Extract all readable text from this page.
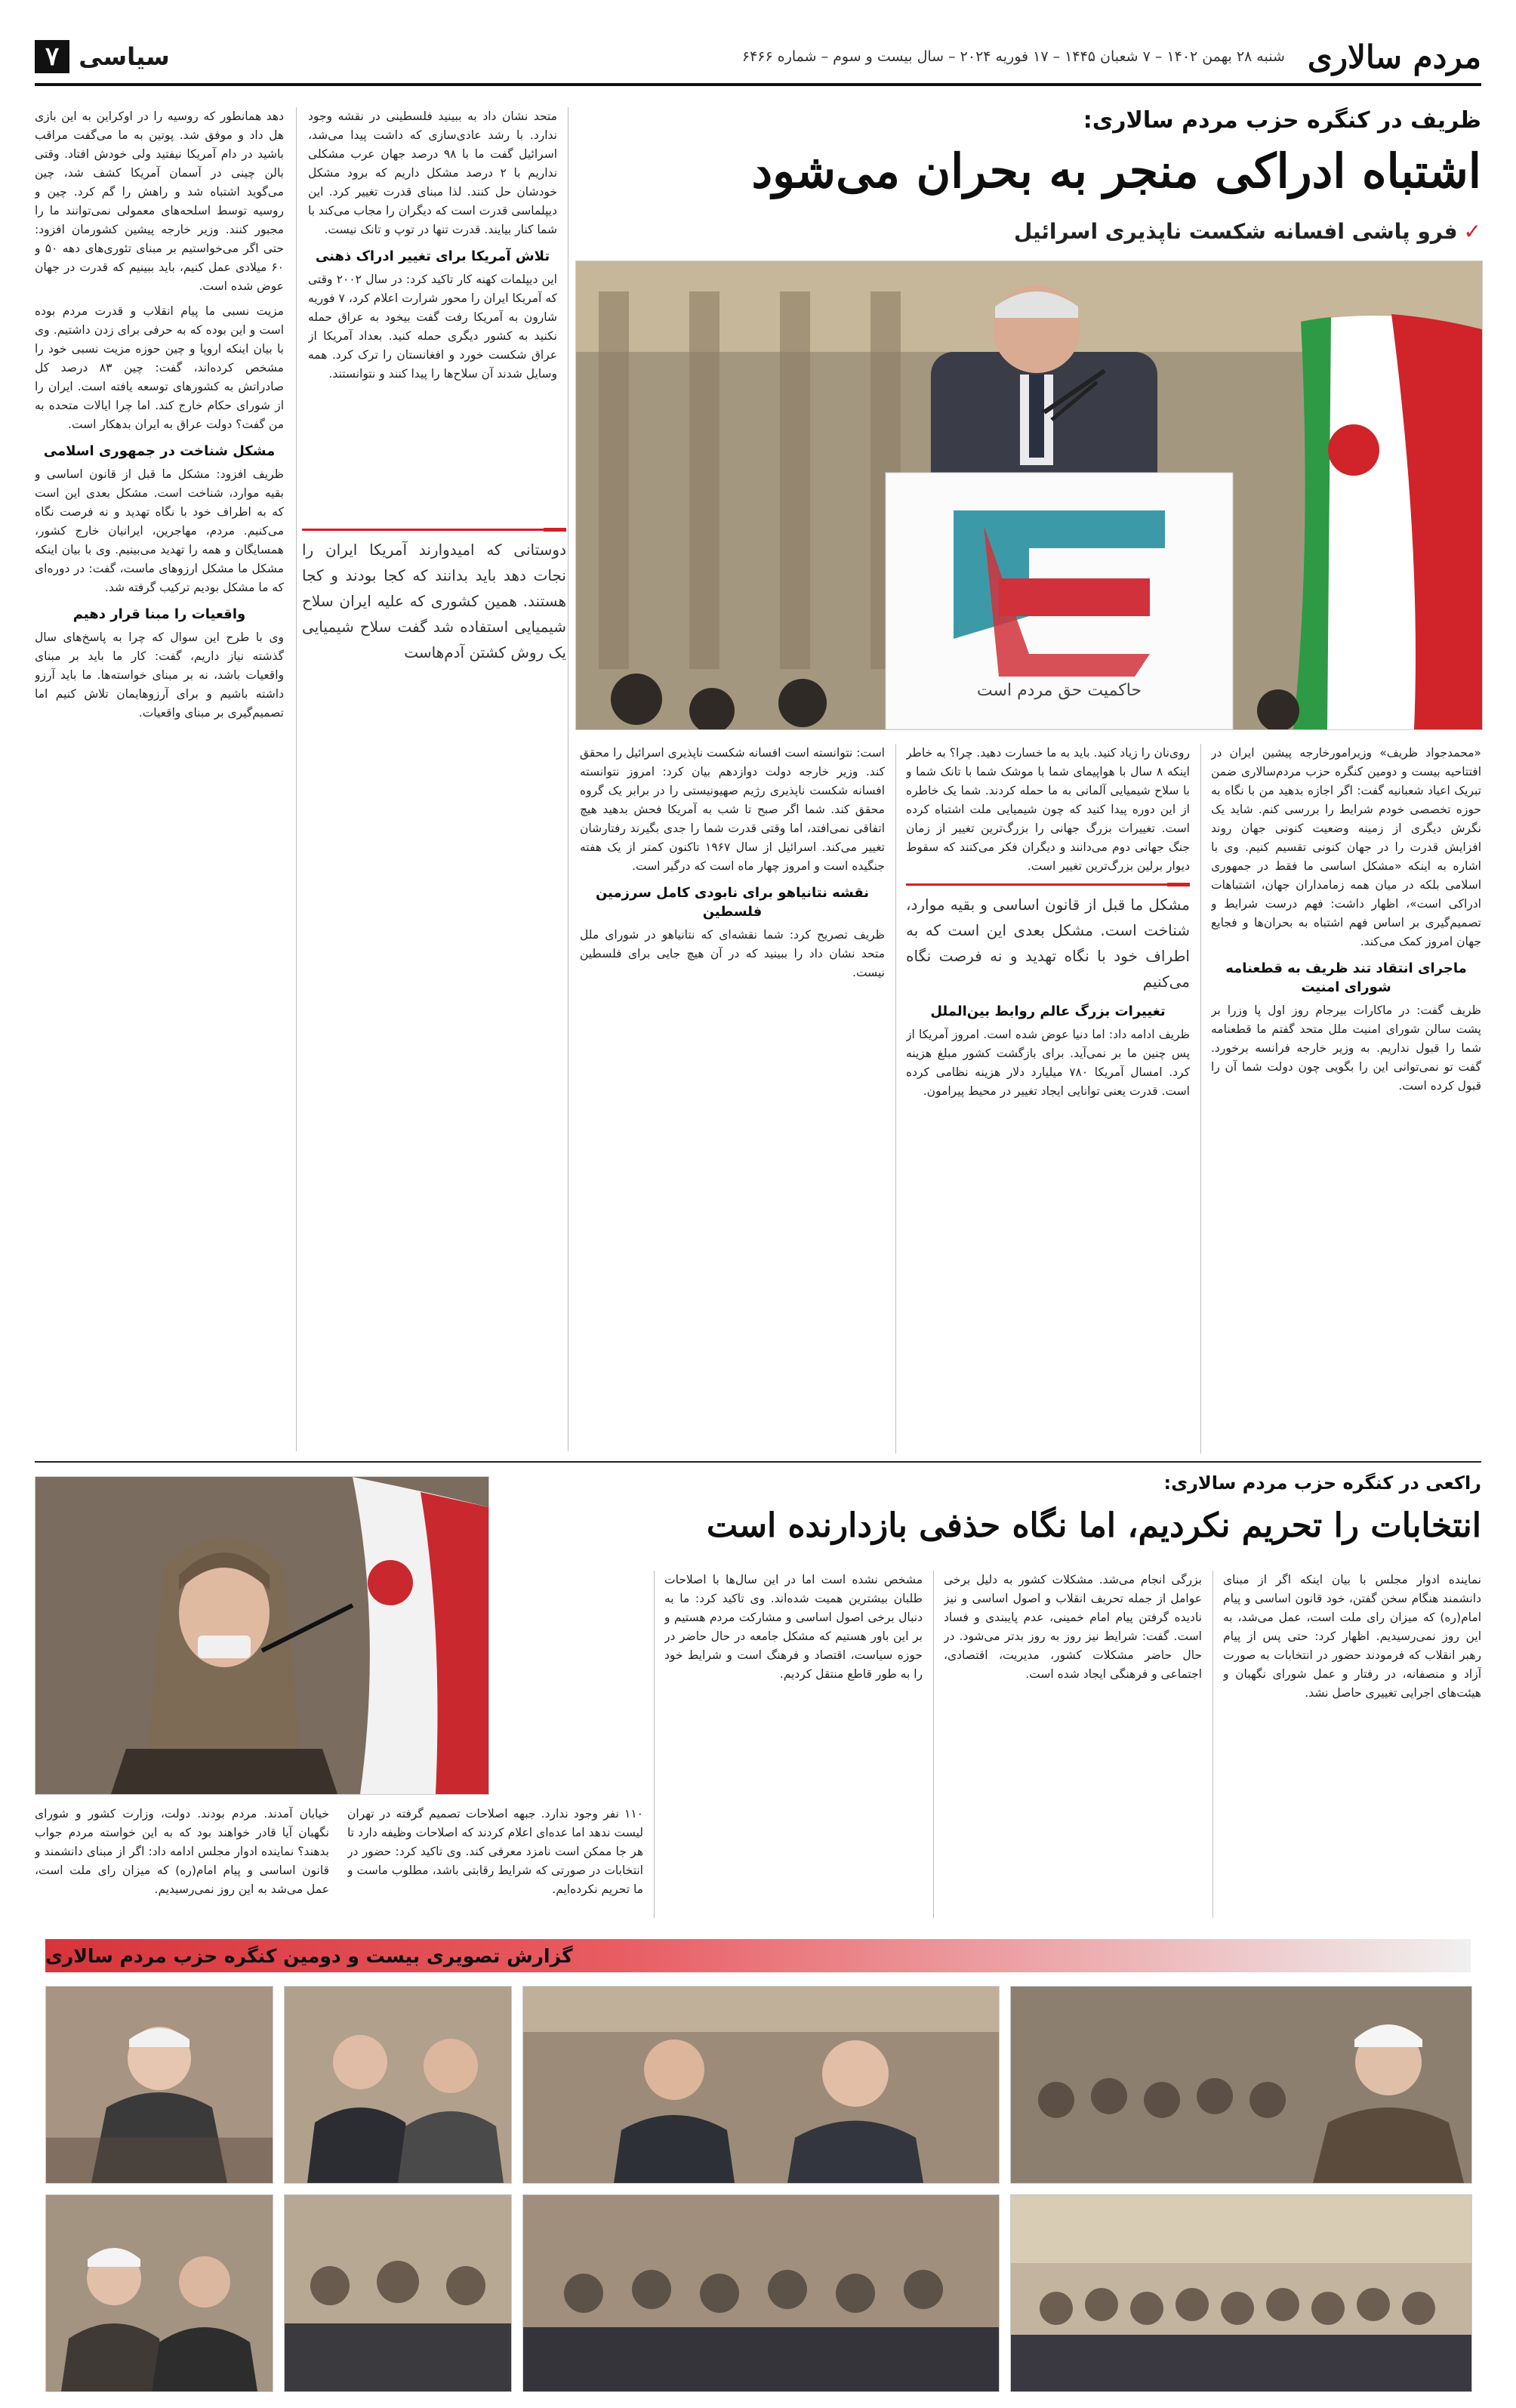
مردم سالاری
شنبه ۲۸ بهمن ۱۴۰۲ – ۷ شعبان ۱۴۴۵ – ۱۷ فوریه ۲۰۲۴ – سال بیست و سوم – شماره ۶۴۶۶
سیاسی
۷
ظریف در کنگره حزب مردم سالاری:
اشتباه ادراکی منجر به بحران می‌شود
✓فرو پاشی افسانه شکست ناپذیری اسرائیل
حاکمیت حق مردم است

دهد همانطور که روسیه را در اوکراین به این بازی هل داد و موفق شد. پوتین به ما می‌گفت مراقب باشید در دام آمریکا نیفتید ولی خودش افتاد. وقتی بالن چینی در آسمان آمریکا کشف شد، چین می‌گوید اشتباه شد و راهش را گم کرد. چین و روسیه توسط اسلحه‌های معمولی نمی‌توانند ما را مجبور کنند. وزیر خارجه پیشین کشورمان افزود: حتی اگر می‌خواستیم بر مبنای تئوری‌های دهه ۵۰ و ۶۰ میلادی عمل کنیم، باید ببینیم که قدرت در جهان عوض شده است.

مزیت نسبی ما پیام انقلاب و قدرت مردم بوده است و این بوده که به حرفی برای زدن داشتیم. وی با بیان اینکه اروپا و چین حوزه مزیت نسبی خود را مشخص کرده‌اند، گفت: چین ۸۳ درصد کل صادراتش به کشورهای توسعه یافته است. ایران را از شورای حکام خارج کند. اما چرا ایالات متحده به من گفت؟ دولت عراق به ایران بدهکار است.

مشکل شناخت در جمهوری اسلامی

ظریف افزود: مشکل ما قبل از قانون اساسی و بقیه موارد، شناخت است. مشکل بعدی این است که به اطراف خود با نگاه تهدید و نه فرصت نگاه می‌کنیم. مردم، مهاجرین، ایرانیان خارج کشور، همسایگان و همه را تهدید می‌بینیم. وی با بیان اینکه مشکل ما مشکل ارزوهای ماست، گفت: در دوره‌ای که ما مشکل بودیم ترکیب گرفته شد.

واقعیات را مبنا قرار دهیم

وی با طرح این سوال که چرا به پاسخ‌های سال گذشته نیاز داریم، گفت: کار ما باید بر مبنای واقعیات باشد، نه بر مبنای خواسته‌ها. ما باید آرزو داشته باشیم و برای آرزوهایمان تلاش کنیم اما تصمیم‌گیری بر مبنای واقعیات.

متحد نشان داد به ببینید فلسطینی در نقشه وجود ندارد. با رشد عادی‌سازی که داشت پیدا می‌شد، اسرائیل گفت ما با ۹۸ درصد جهان عرب مشکلی نداریم با ۲ درصد مشکل داریم که برود مشکل خودشان حل کنند. لذا مبنای قدرت تغییر کرد. این دیپلماسی قدرت است که دیگران را مجاب می‌کند با شما کنار بیایند. قدرت تنها در توپ و تانک نیست.

تلاش آمریکا برای تغییر ادراک ذهنی

این دیپلمات کهنه کار تاکید کرد: در سال ۲۰۰۲ وقتی که آمریکا ایران را محور شرارت اعلام کرد، ۷ فوریه شارون به آمریکا رفت گفت بیخود به عراق حمله نکنید به کشور دیگری حمله کنید. بعداد آمریکا از عراق شکست خورد و افغانستان را ترک کرد. همه وسایل شدند آن سلاح‌ها را پیدا کنند و نتوانستند.

دوستانی که امیدوارند آمریکا ایران را نجات دهد باید بدانند که کجا بودند و کجا هستند. همین کشوری که علیه ایران سلاح شیمیایی استفاده شد گفت سلاح شیمیایی یک روش کشتن آدم‌هاست

«محمدجواد ظریف» وزیرامورخارجه پیشین ایران در افتتاحیه بیست و دومین کنگره حزب مردم‌سالاری ضمن تبریک اعیاد شعبانیه گفت: اگر اجازه بدهید من با نگاه به حوزه تخصصی خودم شرایط را بررسی کنم. شاید یک نگرش دیگری از زمینه وضعیت کنونی جهان روند افزایش قدرت را در جهان کنونی تقسیم کنیم. وی با اشاره به اینکه «مشکل اساسی ما فقط در جمهوری اسلامی بلکه در میان همه زمامداران جهان، اشتباهات ادراکی است»، اظهار داشت: فهم درست شرایط و تصمیم‌گیری بر اساس فهم اشتباه به بحران‌ها و فجایع جهان امروز کمک می‌کند.

ماجرای انتقاد تند ظریف به قطعنامه شورای امنیت

ظریف گفت: در ماکارات بیرجام روز اول پا وزرا بر پشت سالن شورای امنیت ملل متحد گفتم ما قطعنامه شما را قبول نداریم. به وزیر خارجه فرانسه برخورد. گفت تو نمی‌توانی این را بگویی چون دولت شما آن را قبول کرده است.

روی‌نان را زیاد کنید. باید به ما خسارت دهید. چرا؟ به خاطر اینکه ۸ سال با هواپیمای شما با موشک شما با تانک شما و با سلاح شیمیایی آلمانی به ما حمله کردند. شما یک خاطره از این دوره پیدا کنید که چون شیمیایی ملت اشتباه کرده است. تغییرات بزرگ جهانی را بزرگ‌ترین تغییر از زمان جنگ جهانی دوم می‌دانند و دیگران فکر می‌کنند که سقوط دیوار برلین بزرگ‌ترین تغییر است.

مشکل ما قبل از قانون اساسی و بقیه موارد، شناخت است. مشکل بعدی این است که به اطراف خود با نگاه تهدید و نه فرصت نگاه می‌کنیم
تغییرات بزرگ عالم روابط بین‌الملل

ظریف ادامه داد: اما دنیا عوض شده است. امروز آمریکا از پس چنین ما بر نمی‌آید. برای بازگشت کشور مبلغ هزینه کرد. امسال آمریکا ۷۸۰ میلیارد دلار هزینه نظامی کرده است. قدرت یعنی توانایی ایجاد تغییر در محیط پیرامون.

است: نتوانسته است افسانه شکست ناپذیری اسرائیل را محقق کند. وزیر خارجه دولت دوازدهم بیان کرد: امروز نتوانسته افسانه شکست ناپذیری رژیم صهیونیستی را در برابر یک گروه محقق کند. شما اگر صبح تا شب به آمریکا فحش بدهید هیچ اتفاقی نمی‌افتد، اما وقتی قدرت شما را جدی بگیرند رفتارشان تغییر می‌کند. اسرائیل از سال ۱۹۶۷ تاکنون کمتر از یک هفته جنگیده است و امروز چهار ماه است که درگیر است.

نقشه نتانیاهو برای نابودی کامل سرزمین فلسطین

ظریف تصریح کرد: شما نقشه‌ای که نتانیاهو در شورای ملل متحد نشان داد را ببینید که در آن هیچ جایی برای فلسطین نیست.

راکعی در کنگره حزب مردم سالاری:
انتخابات را تحریم نکردیم، اما نگاه حذفی بازدارنده است

نماینده ادوار مجلس با بیان اینکه اگر از مبنای دانشمند هنگام سخن گفتن، خود قانون اساسی و پیام امام(ره) که میزان رای ملت است، عمل می‌شد، به این روز نمی‌رسیدیم. اظهار کرد: حتی پس از پیام رهبر انقلاب که فرمودند حضور در انتخابات به صورت آزاد و منصفانه، در رفتار و عمل شورای نگهبان و هیئت‌های اجرایی تغییری حاصل نشد.

بزرگی انجام می‌شد. مشکلات کشور به دلیل برخی عوامل از جمله تحریف انقلاب و اصول اساسی و نیز نادیده گرفتن پیام امام خمینی، عدم پایبندی و فساد است. گفت: شرایط نیز روز به روز بدتر می‌شود. در حال حاضر مشکلات کشور، مدیریت، اقتصادی، اجتماعی و فرهنگی ایجاد شده است.

مشخص نشده است اما در این سال‌ها با اصلاحات طلبان بیشترین همیت شده‌اند. وی تاکید کرد: ما به دنبال برخی اصول اساسی و مشارکت مردم هستیم و بر این باور هستیم که مشکل جامعه در حال حاضر در حوزه سیاست، اقتصاد و فرهنگ است و شرایط خود را به طور قاطع منتقل کردیم.

خیابان آمدند. مردم بودند. دولت، وزارت کشور و شورای نگهبان آیا قادر خواهند بود که به این خواسته مردم جواب بدهند؟ نماینده ادوار مجلس ادامه داد: اگر از مبنای دانشمند و قانون اساسی و پیام امام(ره) که میزان رای ملت است، عمل می‌شد به این روز نمی‌رسیدیم.

۱۱۰ نفر وجود ندارد. جبهه اصلاحات تصمیم گرفته در تهران لیست ندهد اما عده‌ای اعلام کردند که اصلاحات وظیفه دارد تا هر جا ممکن است نامزد معرفی کند. وی تاکید کرد: حضور در انتخابات در صورتی که شرایط رقابتی باشد، مطلوب ماست و ما تحریم نکرده‌ایم.

گزارش تصویری بیست و دومین کنگره حزب مردم سالاری
